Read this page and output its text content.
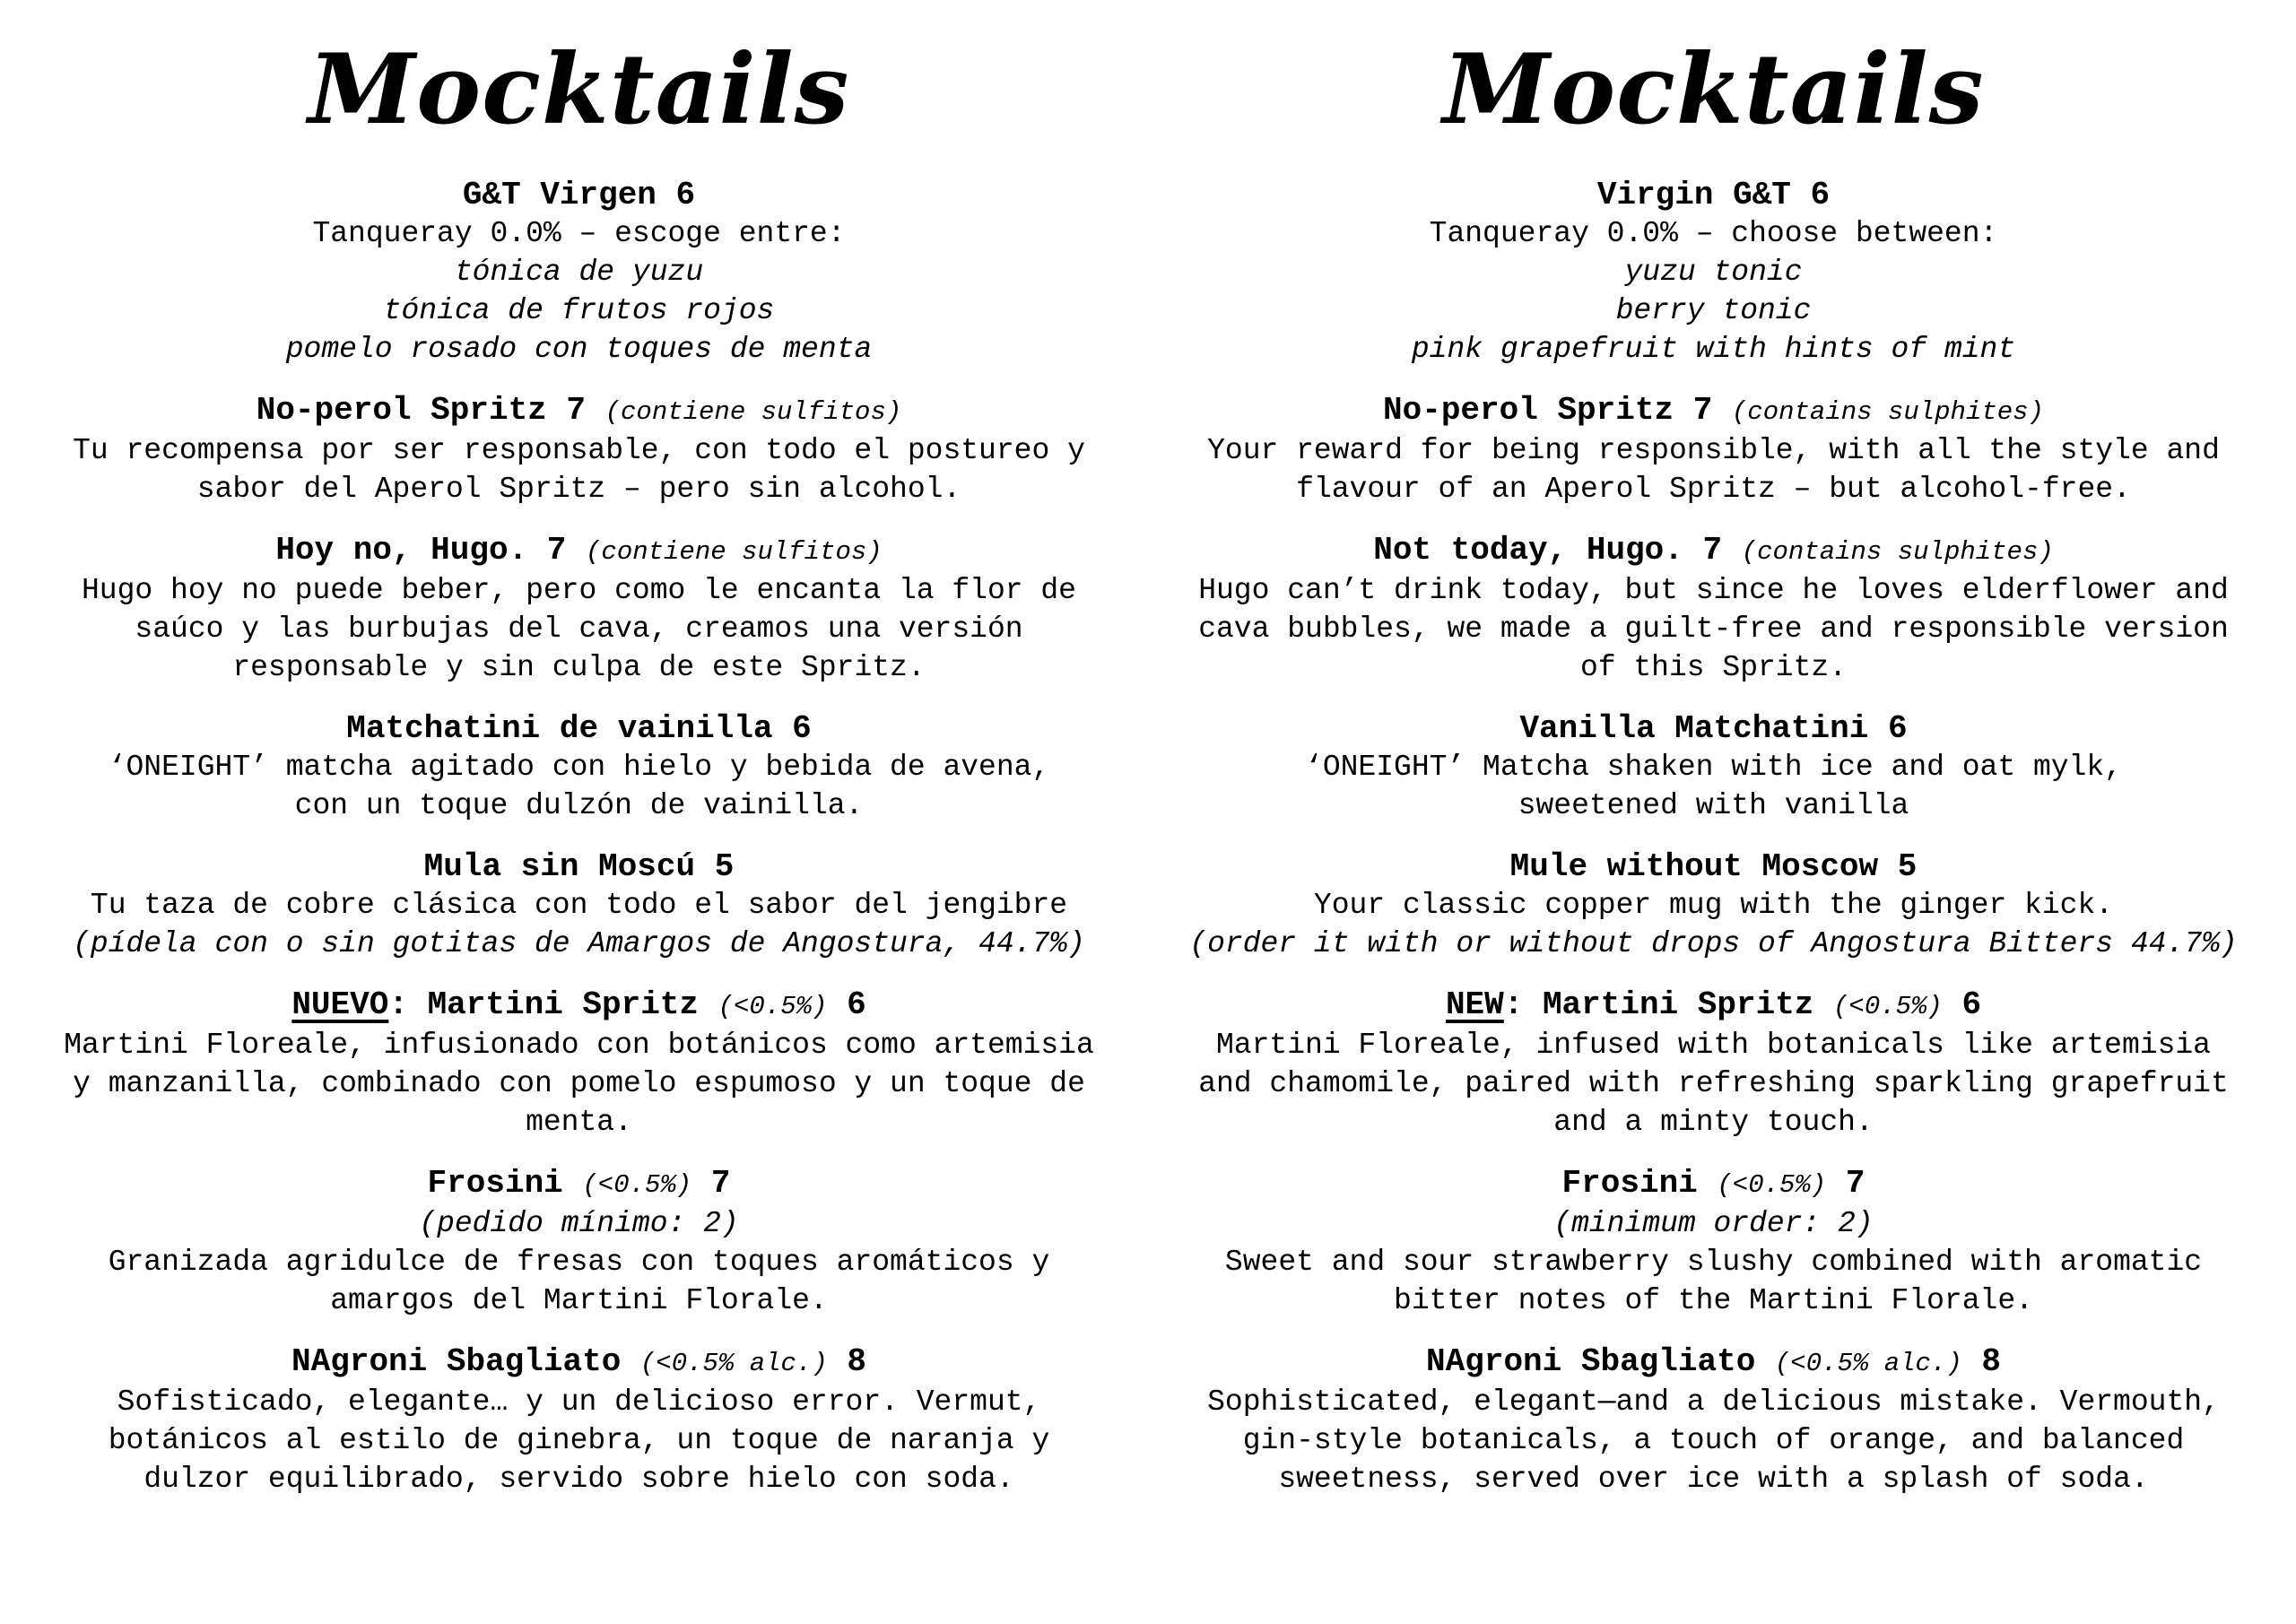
Mocktails
G&T Virgen 6
Tanqueray 0.0% – escoge entre:
tónica de yuzu
tónica de frutos rojos
pomelo rosado con toques de menta
No-perol Spritz 7 (contiene sulfitos)
Tu recompensa por ser responsable, con todo el postureo y
sabor del Aperol Spritz – pero sin alcohol.
Hoy no, Hugo. 7 (contiene sulfitos)
Hugo hoy no puede beber, pero como le encanta la flor de
saúco y las burbujas del cava, creamos una versión
responsable y sin culpa de este Spritz.
Matchatini de vainilla 6
‘ONEIGHT’ matcha agitado con hielo y bebida de avena,
con un toque dulzón de vainilla.
Mula sin Moscú 5
Tu taza de cobre clásica con todo el sabor del jengibre
(pídela con o sin gotitas de Amargos de Angostura, 44.7%)
NUEVO: Martini Spritz (<0.5%) 6
Martini Floreale, infusionado con botánicos como artemisia
y manzanilla, combinado con pomelo espumoso y un toque de
menta.
Frosini (<0.5%) 7
(pedido mínimo: 2)
Granizada agridulce de fresas con toques aromáticos y
amargos del Martini Florale.
NAgroni Sbagliato (<0.5% alc.) 8
Sofisticado, elegante… y un delicioso error. Vermut,
botánicos al estilo de ginebra, un toque de naranja y
dulzor equilibrado, servido sobre hielo con soda.
Mocktails
Virgin G&T 6
Tanqueray 0.0% – choose between:
yuzu tonic
berry tonic
pink grapefruit with hints of mint
No-perol Spritz 7 (contains sulphites)
Your reward for being responsible, with all the style and
flavour of an Aperol Spritz – but alcohol-free.
Not today, Hugo. 7 (contains sulphites)
Hugo can’t drink today, but since he loves elderflower and
cava bubbles, we made a guilt-free and responsible version
of this Spritz.
Vanilla Matchatini 6
‘ONEIGHT’ Matcha shaken with ice and oat mylk,
sweetened with vanilla
Mule without Moscow 5
Your classic copper mug with the ginger kick.
(order it with or without drops of Angostura Bitters 44.7%)
NEW: Martini Spritz (<0.5%) 6
Martini Floreale, infused with botanicals like artemisia
and chamomile, paired with refreshing sparkling grapefruit
and a minty touch.
Frosini (<0.5%) 7
(minimum order: 2)
Sweet and sour strawberry slushy combined with aromatic
bitter notes of the Martini Florale.
NAgroni Sbagliato (<0.5% alc.) 8
Sophisticated, elegant—and a delicious mistake. Vermouth,
gin-style botanicals, a touch of orange, and balanced
sweetness, served over ice with a splash of soda.
